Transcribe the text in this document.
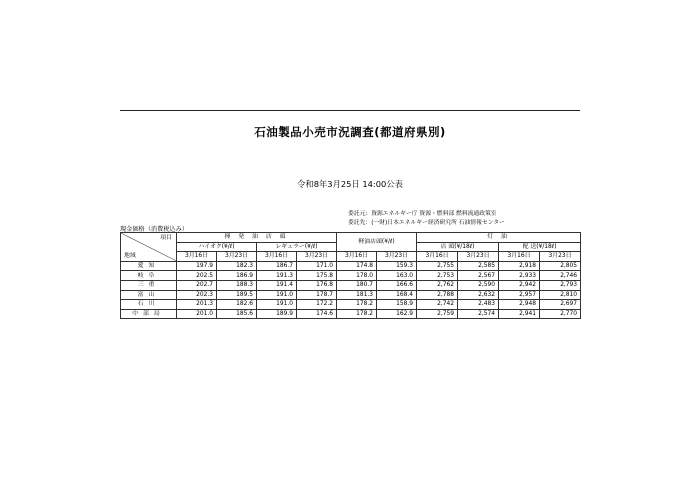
石油製品小売市況調査(都道府県別)
令和8年3月25日 14:00公表
委託元：資源エネルギー庁 資源・燃料部 燃料流通政策室
委託先：(一財)日本エネルギー経済研究所 石油情報センター
現金価格（消費税込み）
項目
地域	揮 発 油 店 頭				軽油店頭(¥/ℓ)		灯 油			
	ハイオク(¥/ℓ)		レギュラー(¥/ℓ)				店 頭(¥/18ℓ)		配 送(¥/18ℓ)	
	3月16日	3月23日	3月16日	3月23日	3月16日	3月23日	3月16日	3月23日	3月16日	3月23日
愛知	197.9	182.3	186.7	171.0	174.8	159.3	2,755	2,585	2,918	2,805
岐阜	202.5	186.9	191.3	175.8	178.0	163.0	2,753	2,567	2,933	2,746
三重	202.7	188.3	191.4	176.8	180.7	166.6	2,762	2,590	2,942	2,793
富山	202.3	189.5	191.0	178.7	181.3	168.4	2,788	2,632	2,957	2,810
石川	201.3	182.6	191.0	172.2	178.2	158.9	2,742	2,483	2,948	2,697
中部局	201.0	185.6	189.9	174.6	178.2	162.9	2,759	2,574	2,941	2,770
